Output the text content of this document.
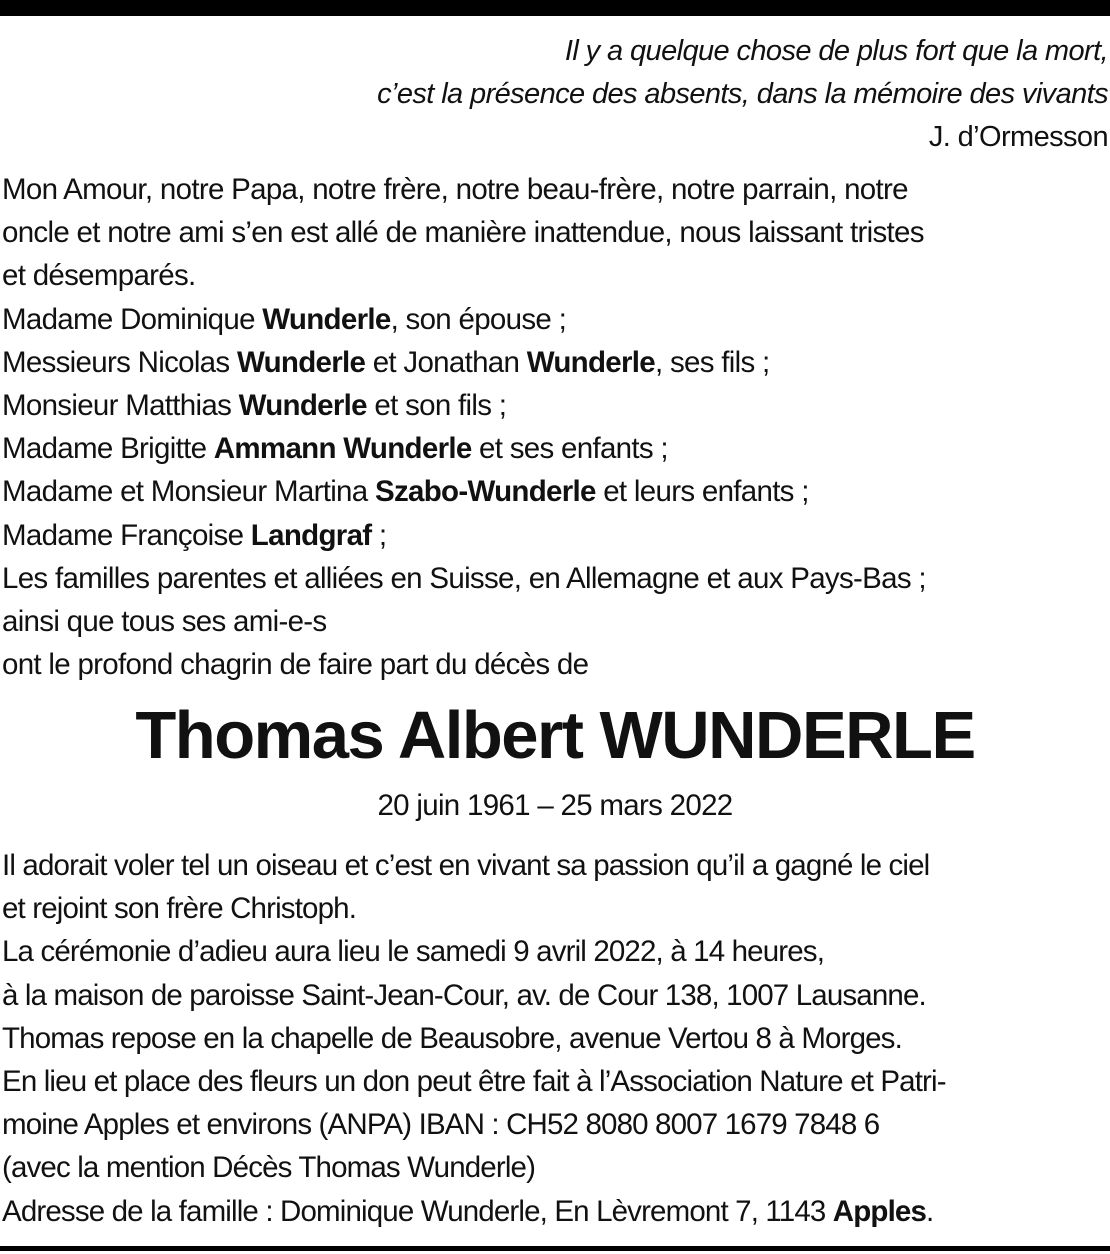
Il y a quelque chose de plus fort que la mort,
c’est la présence des absents, dans la mémoire des vivants
J. d’Ormesson
Mon Amour, notre Papa, notre frère, notre beau-frère, notre parrain, notre
oncle et notre ami s’en est allé de manière inattendue, nous laissant tristes
et désemparés.
Madame Dominique Wunderle, son épouse ;
Messieurs Nicolas Wunderle et Jonathan Wunderle, ses fils ;
Monsieur Matthias Wunderle et son fils ;
Madame Brigitte Ammann Wunderle et ses enfants ;
Madame et Monsieur Martina Szabo-Wunderle et leurs enfants ;
Madame Françoise Landgraf ;
Les familles parentes et alliées en Suisse, en Allemagne et aux Pays-Bas ;
ainsi que tous ses ami-e-s
ont le profond chagrin de faire part du décès de
Thomas Albert WUNDERLE
20 juin 1961 – 25 mars 2022
Il adorait voler tel un oiseau et c’est en vivant sa passion qu’il a gagné le ciel
et rejoint son frère Christoph.
La cérémonie d’adieu aura lieu le samedi 9 avril 2022, à 14 heures,
à la maison de paroisse Saint-Jean-Cour, av. de Cour 138, 1007 Lausanne.
Thomas repose en la chapelle de Beausobre, avenue Vertou 8 à Morges.
En lieu et place des fleurs un don peut être fait à l’Association Nature et Patri-
moine Apples et environs (ANPA) IBAN : CH52 8080 8007 1679 7848 6
(avec la mention Décès Thomas Wunderle)
Adresse de la famille : Dominique Wunderle, En Lèvremont 7, 1143 Apples.
